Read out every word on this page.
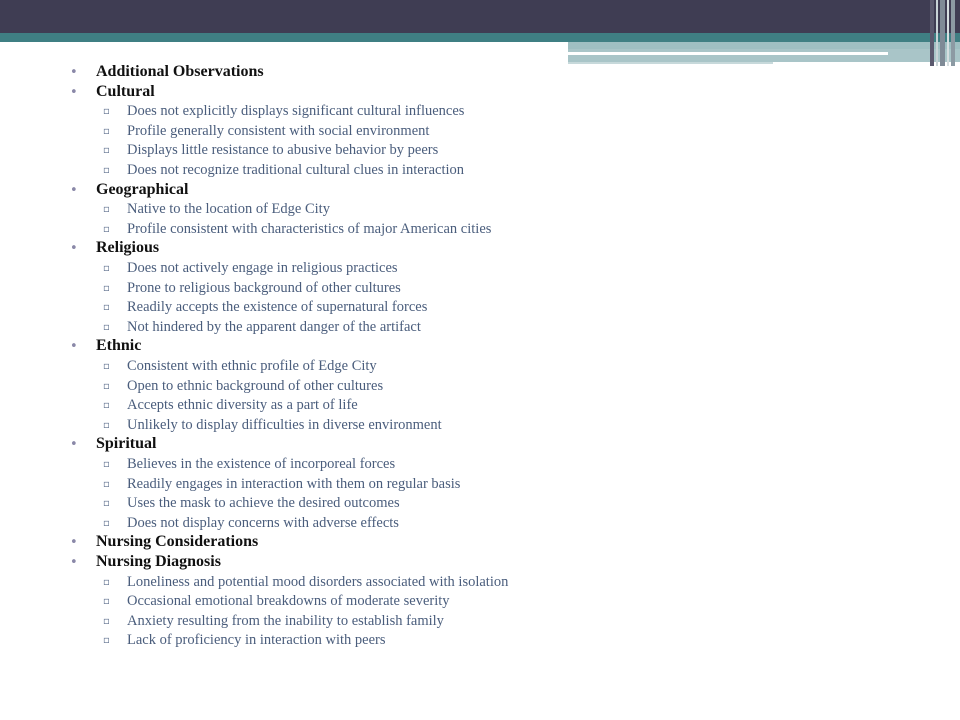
• Additional Observations
• Cultural
▫ Does not explicitly displays significant cultural influences
▫ Profile generally consistent with social environment
▫ Displays little resistance to abusive behavior by peers
▫ Does not recognize traditional cultural clues in interaction
• Geographical
▫ Native to the location of Edge City
▫ Profile consistent with characteristics of major American cities
• Religious
▫ Does not actively engage in religious practices
▫ Prone to religious background of other cultures
▫ Readily accepts the existence of supernatural forces
▫ Not hindered by the apparent danger of the artifact
• Ethnic
▫ Consistent with ethnic profile of Edge City
▫ Open to ethnic background of other cultures
▫ Accepts ethnic diversity as a part of life
▫ Unlikely to display difficulties in diverse environment
• Spiritual
▫ Believes in the existence of incorporeal forces
▫ Readily engages in interaction with them on regular basis
▫ Uses the mask to achieve the desired outcomes
▫ Does not display concerns with adverse effects
• Nursing Considerations
• Nursing Diagnosis
▫ Loneliness and potential mood disorders associated with isolation
▫ Occasional emotional breakdowns of moderate severity
▫ Anxiety resulting from the inability to establish family
▫ Lack of proficiency in interaction with peers
